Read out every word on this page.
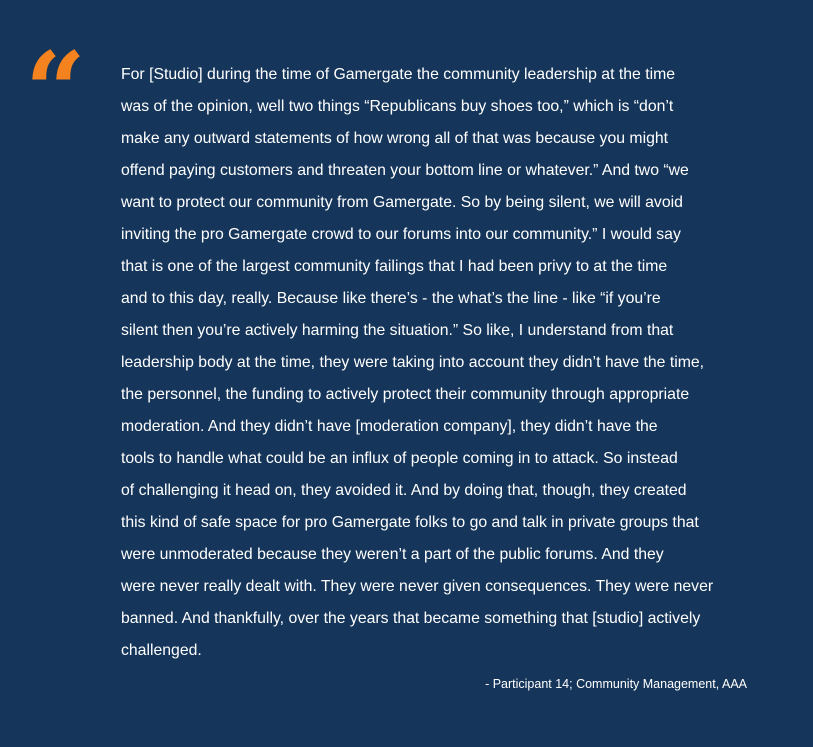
“	For [Studio] during the time of Gamergate the community leadership at the time
was of the opinion, well two things “Republicans buy shoes too,” which is “don’t
make any outward statements of how wrong all of that was because you might
offend paying customers and threaten your bottom line or whatever.” And two “we
want to protect our community from Gamergate. So by being silent, we will avoid
inviting the pro Gamergate crowd to our forums into our community.” I would say
that is one of the largest community failings that I had been privy to at the time
and to this day, really. Because like there’s - the what’s the line - like “if you’re
silent then you’re actively harming the situation.” So like, I understand from that
leadership body at the time, they were taking into account they didn’t have the time,
the personnel, the funding to actively protect their community through appropriate
moderation. And they didn’t have [moderation company], they didn’t have the
tools to handle what could be an influx of people coming in to attack. So instead
of challenging it head on, they avoided it. And by doing that, though, they created
this kind of safe space for pro Gamergate folks to go and talk in private groups that
were unmoderated because they weren’t a part of the public forums. And they
were never really dealt with. They were never given consequences. They were never
banned. And thankfully, over the years that became something that [studio] actively
challenged.

- Participant 14; Community Management, AAA
